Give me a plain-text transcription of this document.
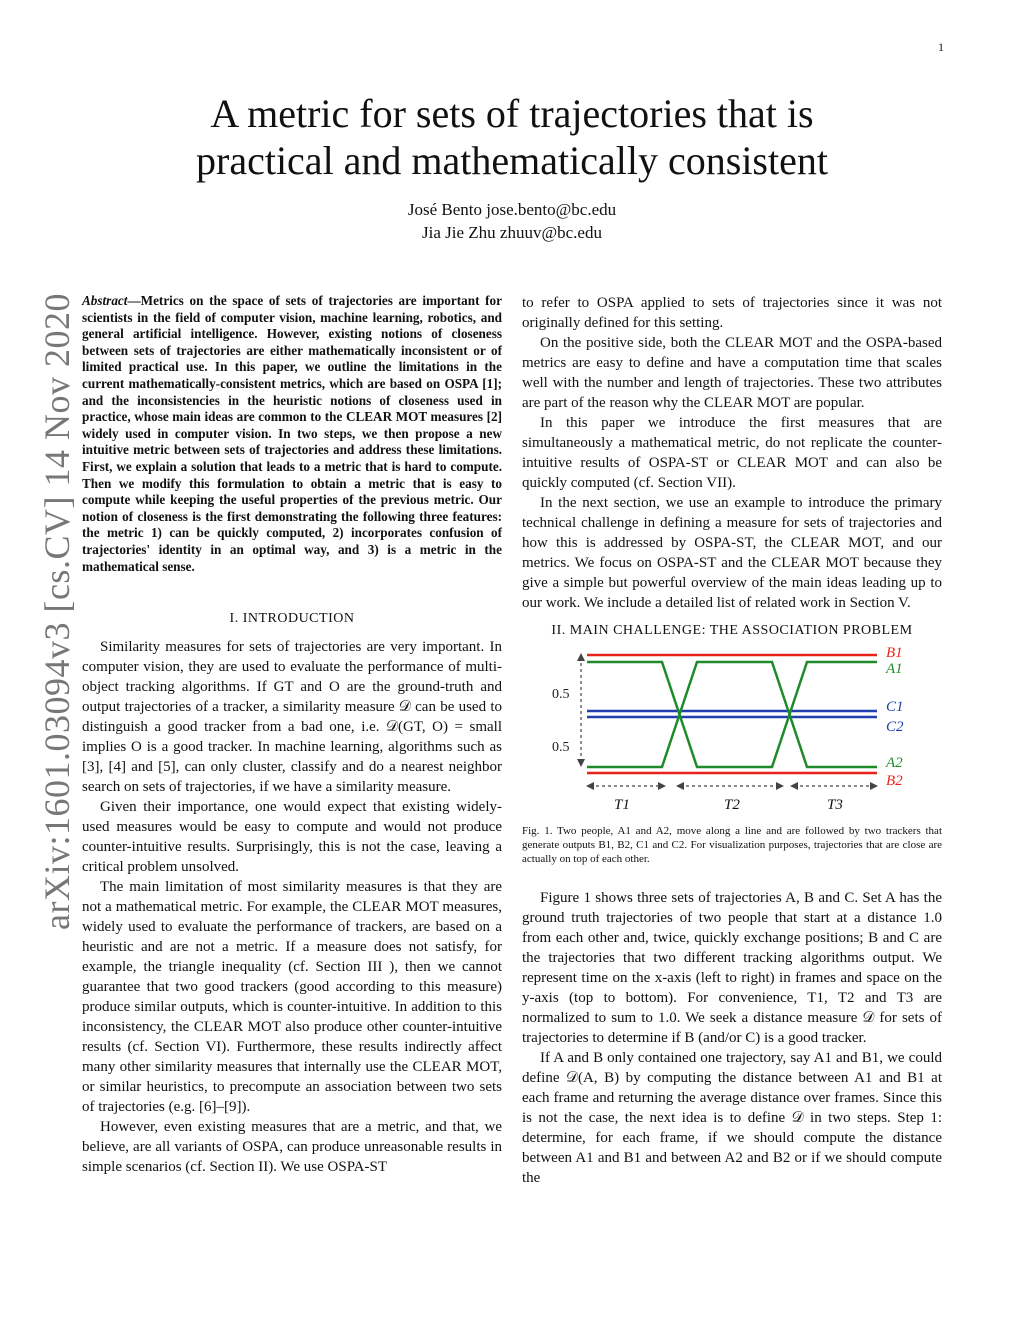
1
arXiv:1601.03094v3 [cs.CV] 14 Nov 2020
A metric for sets of trajectories that is
practical and mathematically consistent
José Bento jose.bento@bc.edu
Jia Jie Zhu zhuuv@bc.edu

Abstract—Metrics on the space of sets of trajectories are important for scientists in the field of computer vision, machine learning, robotics, and general artificial intelligence. However, existing notions of closeness between sets of trajectories are either mathematically inconsistent or of limited practical use. In this paper, we outline the limitations in the current mathematically-consistent metrics, which are based on OSPA [1]; and the inconsistencies in the heuristic notions of closeness used in practice, whose main ideas are common to the CLEAR MOT measures [2] widely used in computer vision. In two steps, we then propose a new intuitive metric between sets of trajectories and address these limitations. First, we explain a solution that leads to a metric that is hard to compute. Then we modify this formulation to obtain a metric that is easy to compute while keeping the useful properties of the previous metric. Our notion of closeness is the first demonstrating the following three features: the metric 1) can be quickly computed, 2) incorporates confusion of trajectories' identity in an optimal way, and 3) is a metric in the mathematical sense.

I. INTRODUCTION

Similarity measures for sets of trajectories are very important. In computer vision, they are used to evaluate the performance of multi-object tracking algorithms. If GT and O are the ground-truth and output trajectories of a tracker, a similarity measure 𝒟 can be used to distinguish a good tracker from a bad one, i.e. 𝒟(GT, O) = small implies O is a good tracker. In machine learning, algorithms such as [3], [4] and [5], can only cluster, classify and do a nearest neighbor search on sets of trajectories, if we have a similarity measure.

Given their importance, one would expect that existing widely-used measures would be easy to compute and would not produce counter-intuitive results. Surprisingly, this is not the case, leaving a critical problem unsolved.

The main limitation of most similarity measures is that they are not a mathematical metric. For example, the CLEAR MOT measures, widely used to evaluate the performance of trackers, are based on a heuristic and are not a metric. If a measure does not satisfy, for example, the triangle inequality (cf. Section III ), then we cannot guarantee that two good trackers (good according to this measure) produce similar outputs, which is counter-intuitive. In addition to this inconsistency, the CLEAR MOT also produce other counter-intuitive results (cf. Section VI). Furthermore, these results indirectly affect many other similarity measures that internally use the CLEAR MOT, or similar heuristics, to precompute an association between two sets of trajectories (e.g. [6]–[9]).

However, even existing measures that are a metric, and that, we believe, are all variants of OSPA, can produce unreasonable results in simple scenarios (cf. Section II). We use OSPA-ST

to refer to OSPA applied to sets of trajectories since it was not originally defined for this setting.

On the positive side, both the CLEAR MOT and the OSPA-based metrics are easy to define and have a computation time that scales well with the number and length of trajectories. These two attributes are part of the reason why the CLEAR MOT are popular.

In this paper we introduce the first measures that are simultaneously a mathematical metric, do not replicate the counter-intuitive results of OSPA-ST or CLEAR MOT and can also be quickly computed (cf. Section VII).

In the next section, we use an example to introduce the primary technical challenge in defining a measure for sets of trajectories and how this is addressed by OSPA-ST, the CLEAR MOT, and our metrics. We focus on OSPA-ST and the CLEAR MOT because they give a simple but powerful overview of the main ideas leading up to our work. We include a detailed list of related work in Section V.

II. MAIN CHALLENGE: THE ASSOCIATION PROBLEM
0.5
0.5
B1
A1
C1
C2
A2
B2
T1	T2	T3

Fig. 1. Two people, A1 and A2, move along a line and are followed by two trackers that generate outputs B1, B2, C1 and C2. For visualization purposes, trajectories that are close are actually on top of each other.

Figure 1 shows three sets of trajectories A, B and C. Set A has the ground truth trajectories of two people that start at a distance 1.0 from each other and, twice, quickly exchange positions; B and C are the trajectories that two different tracking algorithms output. We represent time on the x-axis (left to right) in frames and space on the y-axis (top to bottom). For convenience, T1, T2 and T3 are normalized to sum to 1.0. We seek a distance measure 𝒟 for sets of trajectories to determine if B (and/or C) is a good tracker.

If A and B only contained one trajectory, say A1 and B1, we could define 𝒟(A, B) by computing the distance between A1 and B1 at each frame and returning the average distance over frames. Since this is not the case, the next idea is to define 𝒟 in two steps. Step 1: determine, for each frame, if we should compute the distance between A1 and B1 and between A2 and B2 or if we should compute the
